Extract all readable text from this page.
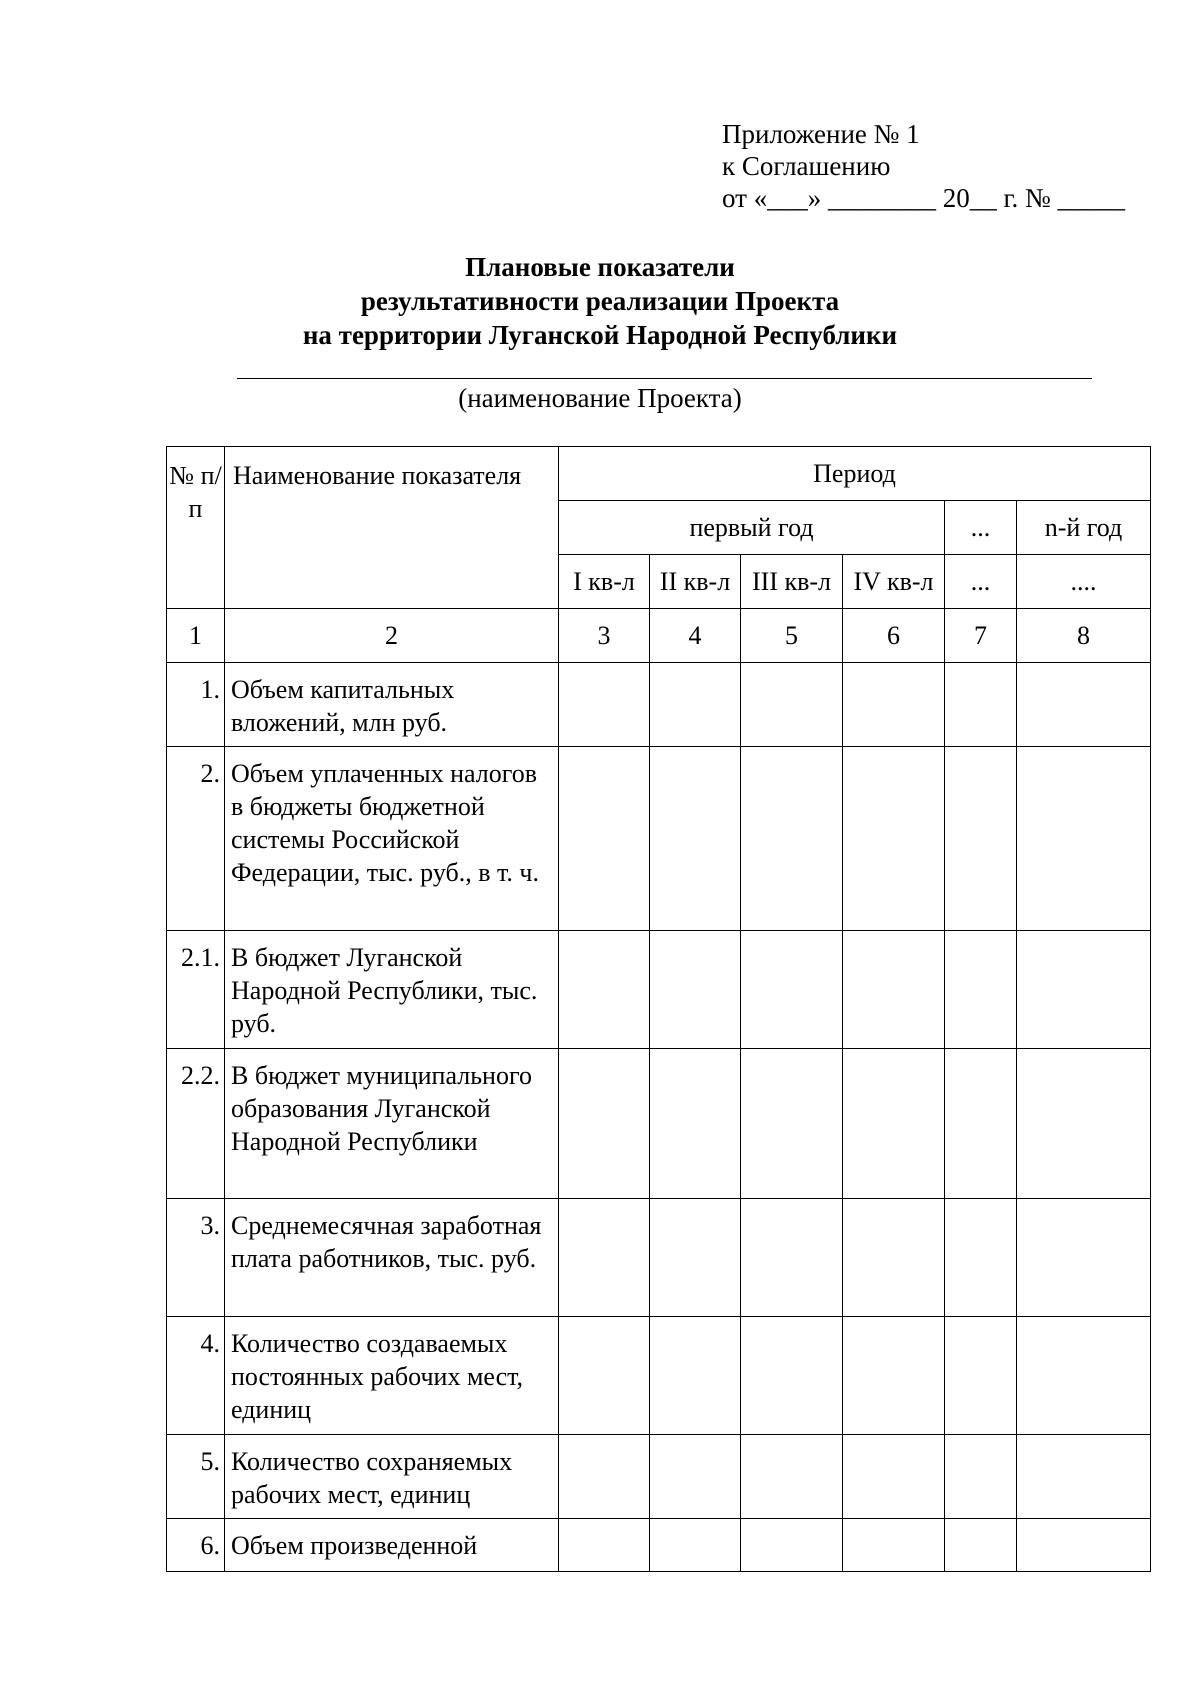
Приложение № 1
к Соглашению
от «___» ________ 20__ г. № _____
Плановые показатели
результативности реализации Проекта
на территории Луганской Народной Республики
(наименование Проекта)
№ п/п	Наименование показателя	Период					
		первый год				...	n-й год
		I кв-л	II кв-л	III кв-л	IV кв-л	...	....
1	2	3	4	5	6	7	8
1.	Объем капитальных вложений, млн руб.						
2.	Объем уплаченных налогов в бюджеты бюджетной системы Российской Федерации, тыс. руб., в т. ч.						
2.1.	В бюджет Луганской Народной Республики, тыс. руб.						
2.2.	В бюджет муниципального образования Луганской Народной Республики						
3.	Среднемесячная заработная плата работников, тыс. руб.						
4.	Количество создаваемых постоянных рабочих мест, единиц						
5.	Количество сохраняемых рабочих мест, единиц						
6.	Объем произведенной						
